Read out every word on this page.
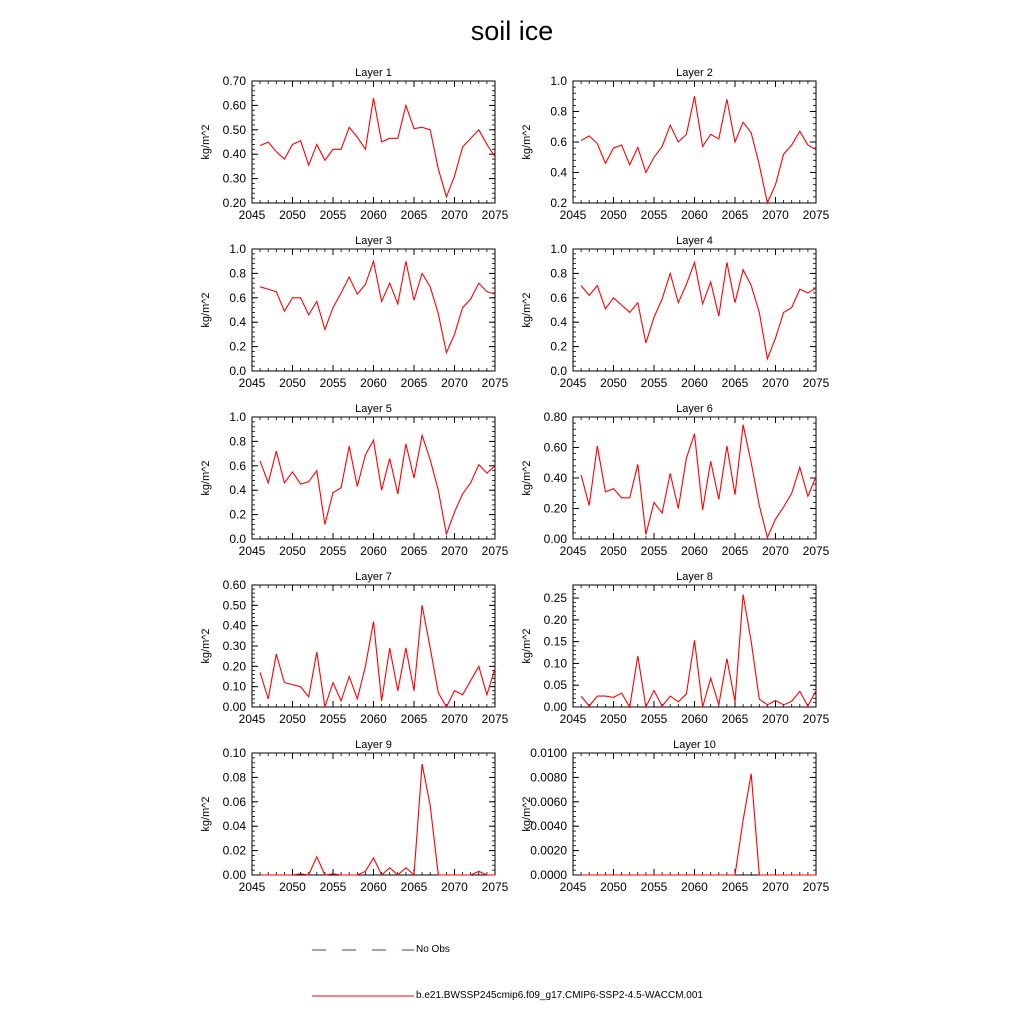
soil ice
Layer 1
kg/m^2
2045 2050 2055 2060 2065 2070 2075
0.20
0.30
0.40
0.50
0.60
0.70
Layer 2
kg/m^2
2045 2050 2055 2060 2065 2070 2075
0.2
0.4
0.6
0.8
1.0
Layer 3
kg/m^2
2045 2050 2055 2060 2065 2070 2075
0.0
0.2
0.4
0.6
0.8
1.0
Layer 4
kg/m^2
2045 2050 2055 2060 2065 2070 2075
0.0
0.2
0.4
0.6
0.8
1.0
Layer 5
kg/m^2
2045 2050 2055 2060 2065 2070 2075
0.0
0.2
0.4
0.6
0.8
1.0
Layer 6
kg/m^2
2045 2050 2055 2060 2065 2070 2075
0.00
0.20
0.40
0.60
0.80
Layer 7
kg/m^2
2045 2050 2055 2060 2065 2070 2075
0.00
0.10
0.20
0.30
0.40
0.50
0.60
Layer 8
kg/m^2
2045 2050 2055 2060 2065 2070 2075
0.00
0.05
0.10
0.15
0.20
0.25
Layer 9
kg/m^2
2045 2050 2055 2060 2065 2070 2075
0.00
0.02
0.04
0.06
0.08
0.10
Layer 10
kg/m^2
2045 2050 2055 2060 2065 2070 2075
0.0000
0.0020
0.0040
0.0060
0.0080
0.0100
No Obs
b.e21.BWSSP245cmip6.f09_g17.CMIP6-SSP2-4.5-WACCM.001
